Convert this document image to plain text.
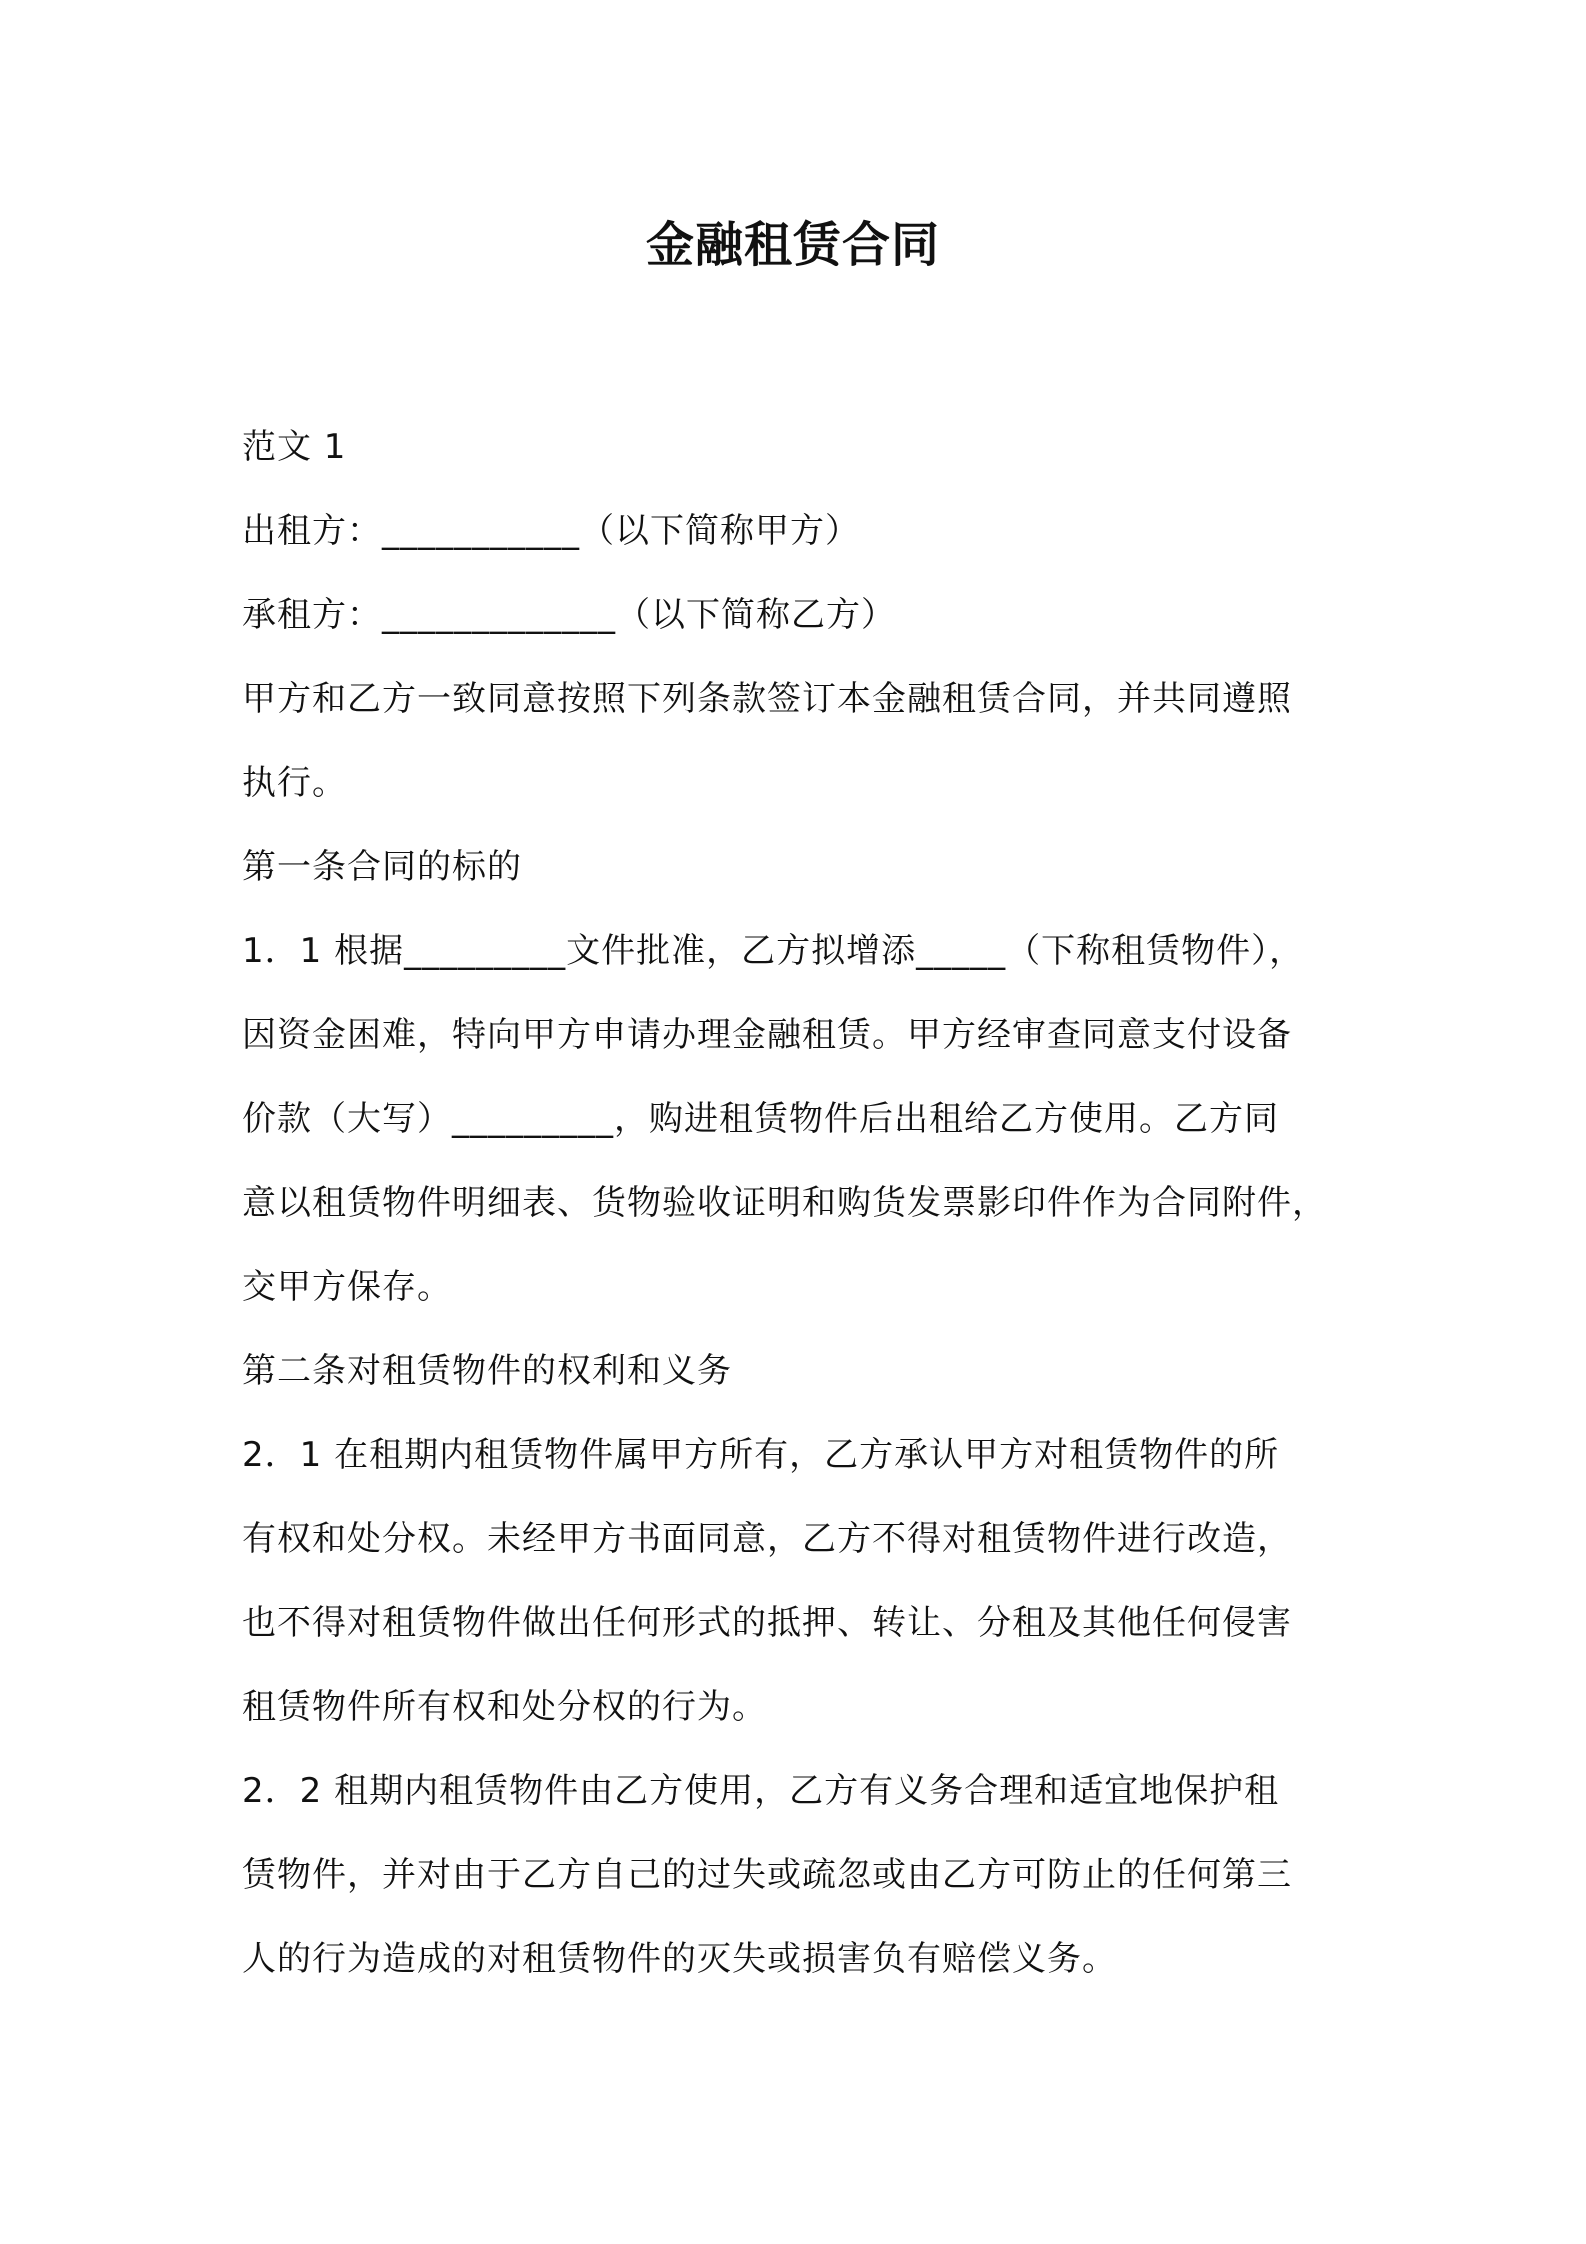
金融租赁合同
范文 1
出租方：___________（以下简称甲方）
承租方：_____________（以下简称乙方）
甲方和乙方一致同意按照下列条款签订本金融租赁合同，并共同遵照
执行。
第一条合同的标的
1．1 根据_________文件批准，乙方拟增添_____（下称租赁物件），
因资金困难，特向甲方申请办理金融租赁。甲方经审查同意支付设备
价款（大写）_________，购进租赁物件后出租给乙方使用。乙方同
意以租赁物件明细表、货物验收证明和购货发票影印件作为合同附件，
交甲方保存。
第二条对租赁物件的权利和义务
2．1 在租期内租赁物件属甲方所有，乙方承认甲方对租赁物件的所
有权和处分权。未经甲方书面同意，乙方不得对租赁物件进行改造，
也不得对租赁物件做出任何形式的抵押、转让、分租及其他任何侵害
租赁物件所有权和处分权的行为。
2．2 租期内租赁物件由乙方使用，乙方有义务合理和适宜地保护租
赁物件，并对由于乙方自己的过失或疏忽或由乙方可防止的任何第三
人的行为造成的对租赁物件的灭失或损害负有赔偿义务。
